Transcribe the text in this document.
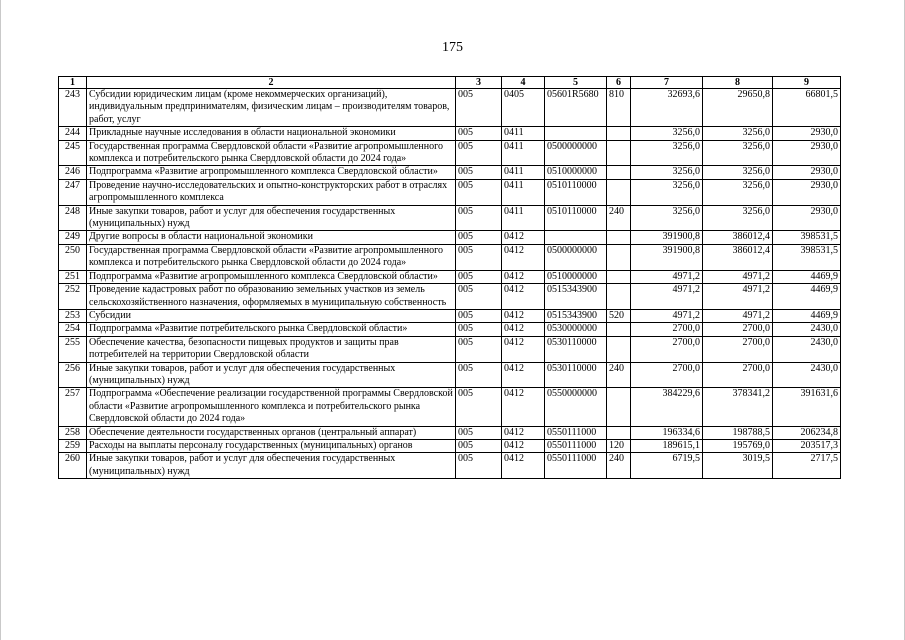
175
1	2	3	4	5	6	7	8	9
243	Субсидии юридическим лицам (кроме некоммерческих организаций), индивидуальным предпринимателям, физическим лицам – производителям товаров, работ, услуг	005	0405	05601R5680	810	32693,6	29650,8	66801,5
244	Прикладные научные исследования в области национальной экономики	005	0411			3256,0	3256,0	2930,0
245	Государственная программа Свердловской области «Развитие агропромышленного комплекса и потребительского рынка Свердловской области до 2024 года»	005	0411	0500000000		3256,0	3256,0	2930,0
246	Подпрограмма «Развитие агропромышленного комплекса Свердловской области»	005	0411	0510000000		3256,0	3256,0	2930,0
247	Проведение научно-исследовательских и опытно-конструкторских работ в отраслях агропромышленного комплекса	005	0411	0510110000		3256,0	3256,0	2930,0
248	Иные закупки товаров, работ и услуг для обеспечения государственных (муниципальных) нужд	005	0411	0510110000	240	3256,0	3256,0	2930,0
249	Другие вопросы в области национальной экономики	005	0412			391900,8	386012,4	398531,5
250	Государственная программа Свердловской области «Развитие агропромышленного комплекса и потребительского рынка Свердловской области до 2024 года»	005	0412	0500000000		391900,8	386012,4	398531,5
251	Подпрограмма «Развитие агропромышленного комплекса Свердловской области»	005	0412	0510000000		4971,2	4971,2	4469,9
252	Проведение кадастровых работ по образованию земельных участков из земель сельскохозяйственного назначения, оформляемых в муниципальную собственность	005	0412	0515343900		4971,2	4971,2	4469,9
253	Субсидии	005	0412	0515343900	520	4971,2	4971,2	4469,9
254	Подпрограмма «Развитие потребительского рынка Свердловской области»	005	0412	0530000000		2700,0	2700,0	2430,0
255	Обеспечение качества, безопасности пищевых продуктов и защиты прав потребителей на территории Свердловской области	005	0412	0530110000		2700,0	2700,0	2430,0
256	Иные закупки товаров, работ и услуг для обеспечения государственных (муниципальных) нужд	005	0412	0530110000	240	2700,0	2700,0	2430,0
257	Подпрограмма «Обеспечение реализации государственной программы Свердловской области «Развитие агропромышленного комплекса и потребительского рынка Свердловской области до 2024 года»	005	0412	0550000000		384229,6	378341,2	391631,6
258	Обеспечение деятельности государственных органов (центральный аппарат)	005	0412	0550111000		196334,6	198788,5	206234,8
259	Расходы на выплаты персоналу государственных (муниципальных) органов	005	0412	0550111000	120	189615,1	195769,0	203517,3
260	Иные закупки товаров, работ и услуг для обеспечения государственных (муниципальных) нужд	005	0412	0550111000	240	6719,5	3019,5	2717,5
